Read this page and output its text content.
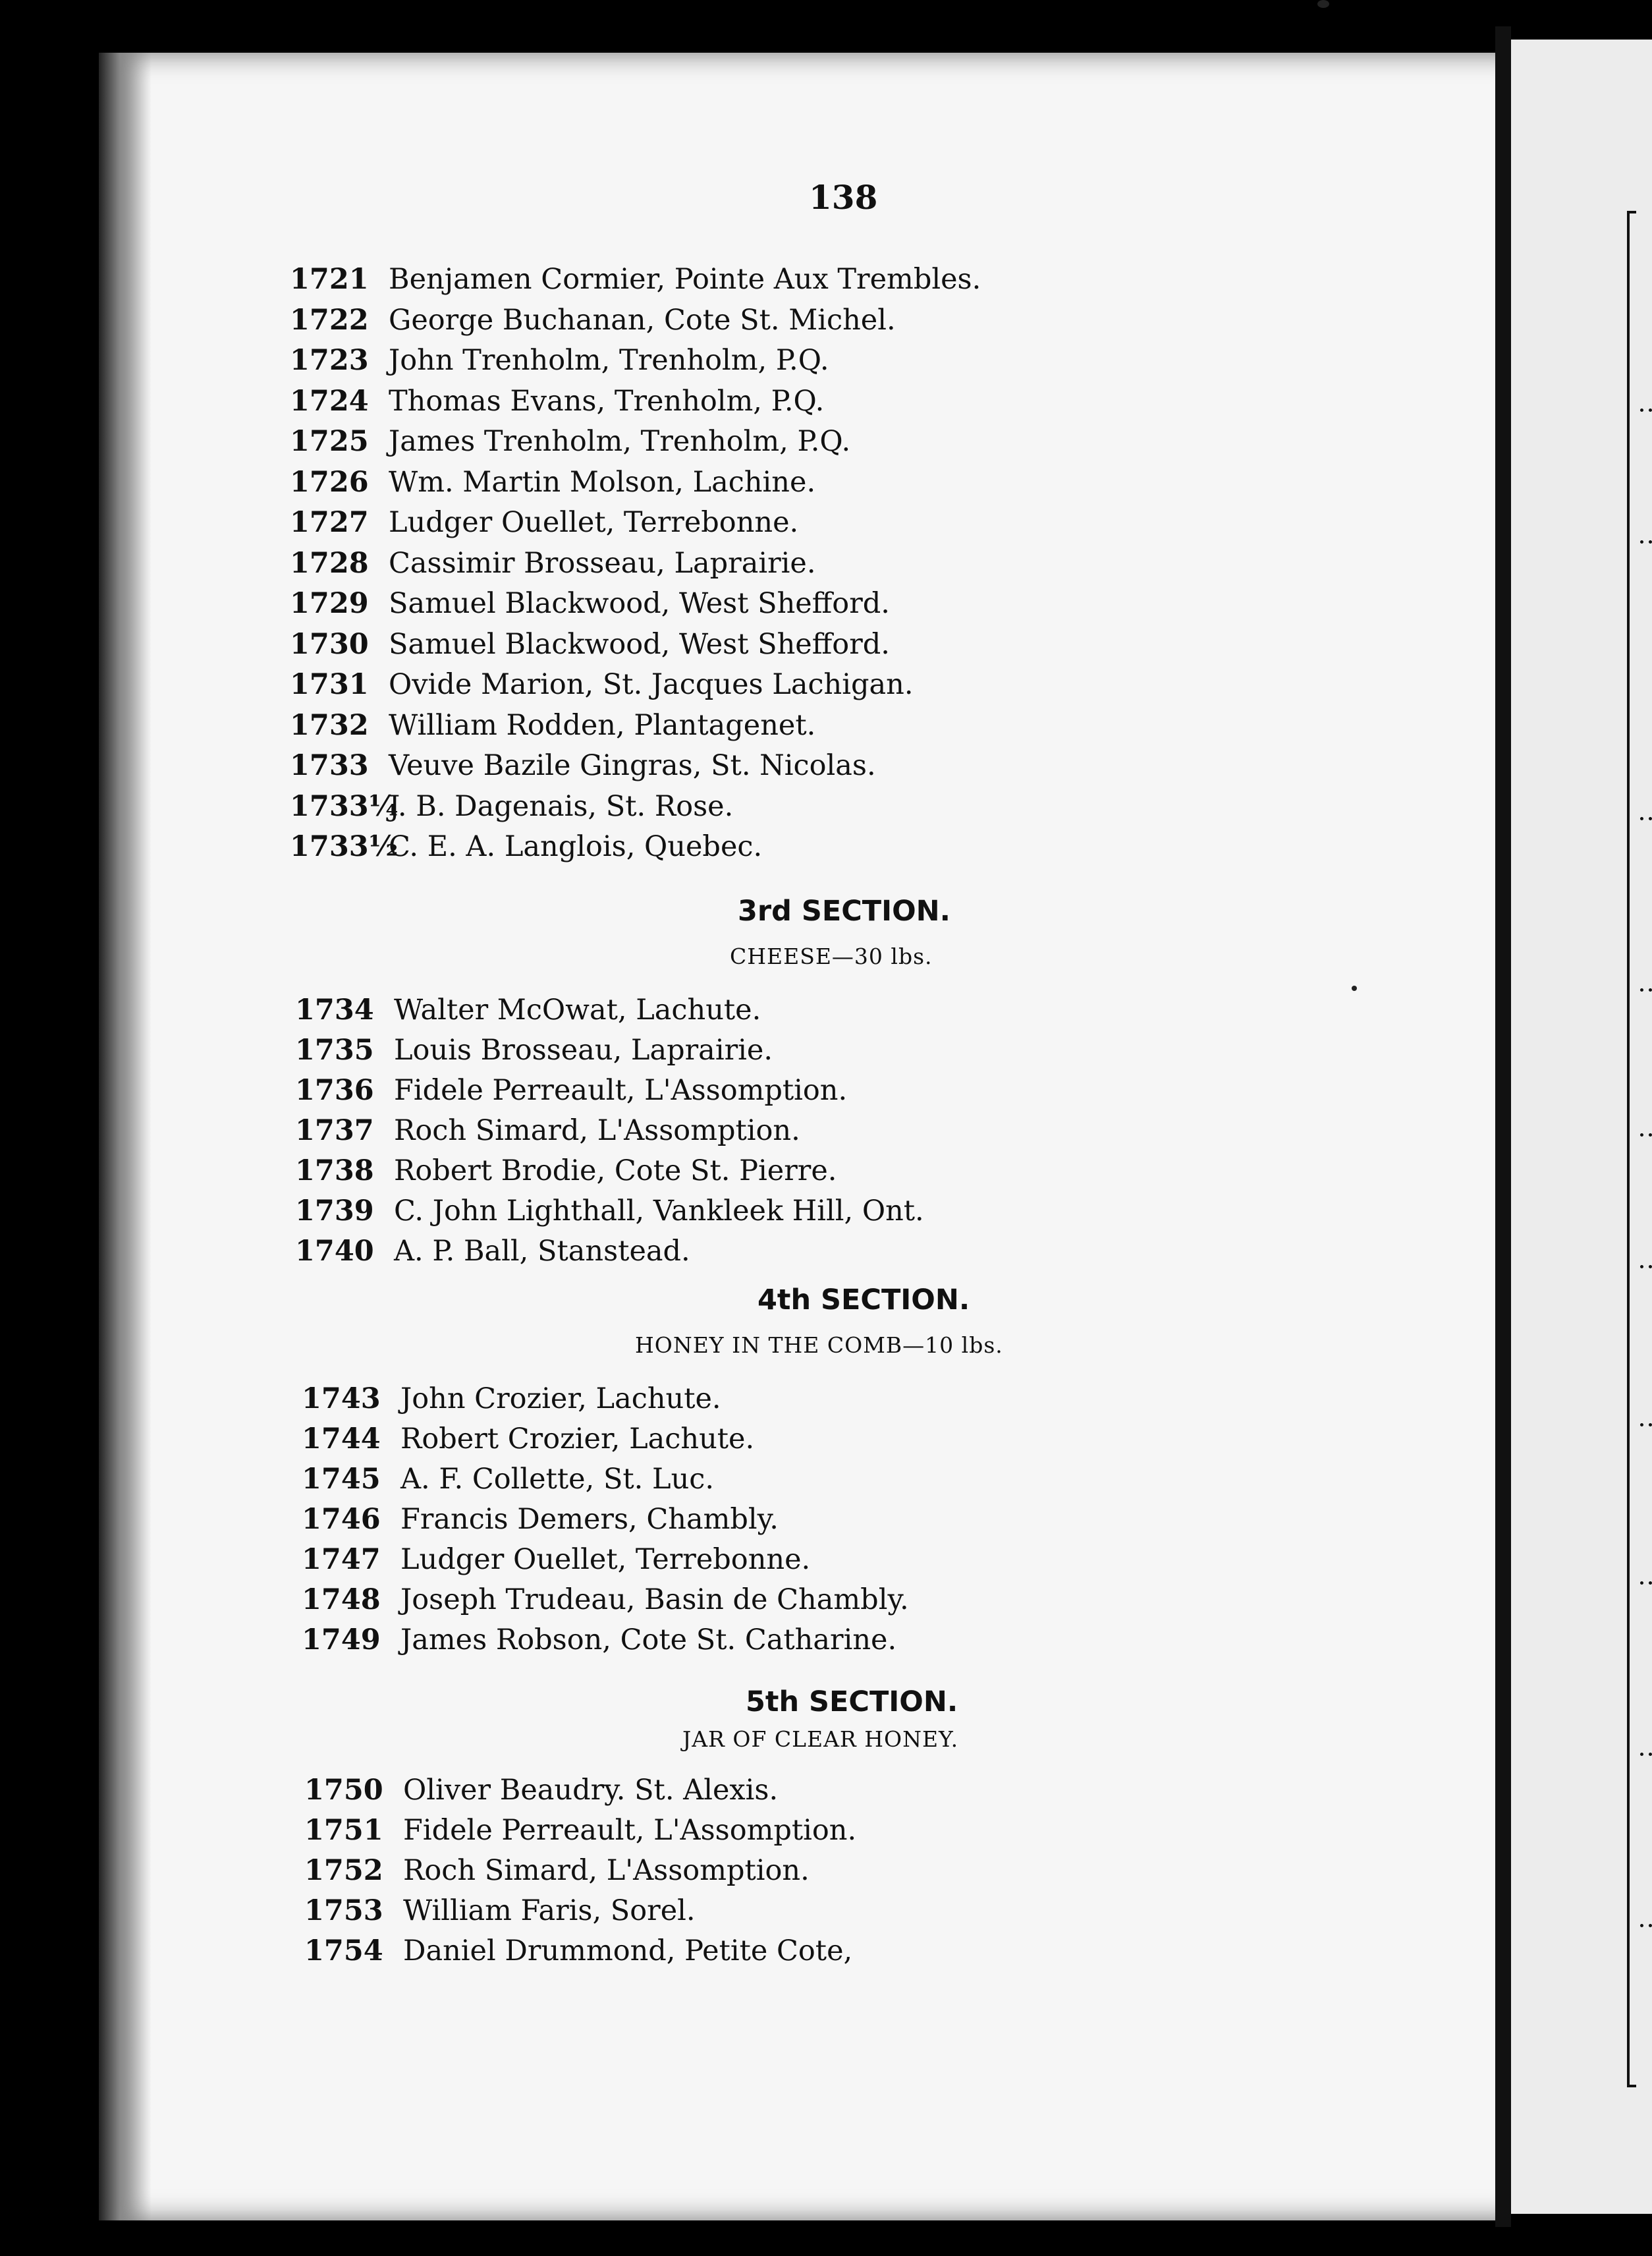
138
1721 Benjamen Cormier, Pointe Aux Trembles.
1722 George Buchanan, Cote St. Michel.
1723 John Trenholm, Trenholm, P.Q.
1724 Thomas Evans, Trenholm, P.Q.
1725 James Trenholm, Trenholm, P.Q.
1726 Wm. Martin Molson, Lachine.
1727 Ludger Ouellet, Terrebonne.
1728 Cassimir Brosseau, Laprairie.
1729 Samuel Blackwood, West Shefford.
1730 Samuel Blackwood, West Shefford.
1731 Ovide Marion, St. Jacques Lachigan.
1732 William Rodden, Plantagenet.
1733 Veuve Bazile Gingras, St. Nicolas.
1733¼J. B. Dagenais, St. Rose.
1733½C. E. A. Langlois, Quebec.
3rd SECTION.
CHEESE—30 lbs.
1734 Walter McOwat, Lachute.
1735 Louis Brosseau, Laprairie.
1736 Fidele Perreault, L'Assomption.
1737 Roch Simard, L'Assomption.
1738 Robert Brodie, Cote St. Pierre.
1739 C. John Lighthall, Vankleek Hill, Ont.
1740 A. P. Ball, Stanstead.
4th SECTION.
HONEY IN THE COMB—10 lbs.
1743 John Crozier, Lachute.
1744 Robert Crozier, Lachute.
1745 A. F. Collette, St. Luc.
1746 Francis Demers, Chambly.
1747 Ludger Ouellet, Terrebonne.
1748 Joseph Trudeau, Basin de Chambly.
1749 James Robson, Cote St. Catharine.
5th SECTION.
JAR OF CLEAR HONEY.
1750 Oliver Beaudry. St. Alexis.
1751 Fidele Perreault, L'Assomption.
1752 Roch Simard, L'Assomption.
1753 William Faris, Sorel.
1754 Daniel Drummond, Petite Cote,
